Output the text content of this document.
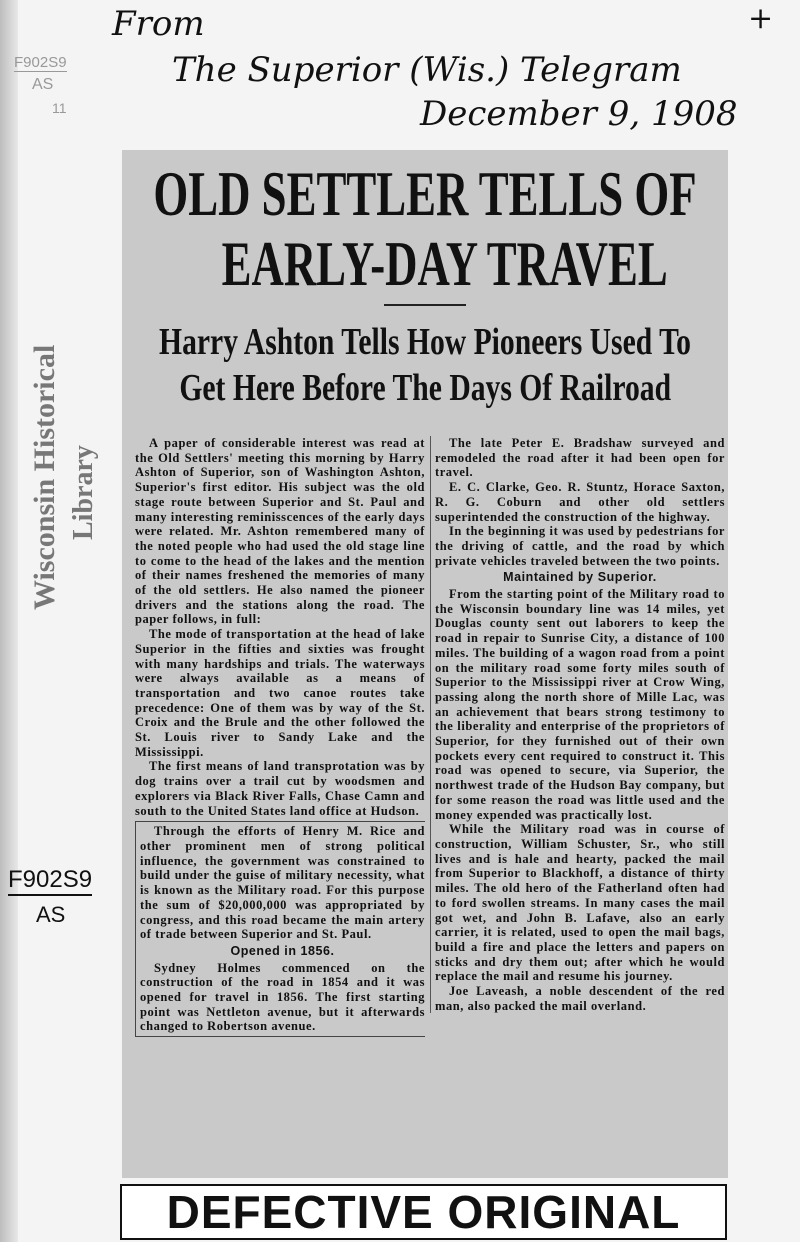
From
The Superior (Wis.) Telegram
December 9, 1908
+
F902S9
AS
11
Wisconsin Historical Library
F902S9
AS
OLD SETTLER TELLS OF
EARLY-DAY TRAVEL
Harry Ashton Tells How Pioneers Used To
Get Here Before The Days Of Railroad

A paper of considerable interest was read at the Old Settlers' meeting this morning by Harry Ashton of Superior, son of Washington Ashton, Superior's first editor. His subject was the old stage route between Superior and St. Paul and many interesting reminisscences of the early days were related. Mr. Ashton remembered many of the noted people who had used the old stage line to come to the head of the lakes and the mention of their names freshened the memories of many of the old settlers. He also named the pioneer drivers and the stations along the road. The paper follows, in full:

The mode of transportation at the head of lake Superior in the fifties and sixties was frought with many hardships and trials. The waterways were always available as a means of transportation and two canoe routes take precedence: One of them was by way of the St. Croix and the Brule and the other followed the St. Louis river to Sandy Lake and the Mississippi.

The first means of land transprotation was by dog trains over a trail cut by woodsmen and explorers via Black River Falls, Chase Camn and south to the United States land office at Hudson.

Through the efforts of Henry M. Rice and other prominent men of strong political influence, the government was constrained to build under the guise of military necessity, what is known as the Military road. For this purpose the sum of $20,000,000 was appropriated by congress, and this road became the main artery of trade between Superior and St. Paul.

Opened in 1856.

Sydney Holmes commenced on the construction of the road in 1854 and it was opened for travel in 1856. The first starting point was Nettleton avenue, but it afterwards changed to Robertson avenue.

The late Peter E. Bradshaw surveyed and remodeled the road after it had been open for travel.

E. C. Clarke, Geo. R. Stuntz, Horace Saxton, R. G. Coburn and other old settlers superintended the construction of the highway.

In the beginning it was used by pedestrians for the driving of cattle, and the road by which private vehicles traveled between the two points.

Maintained by Superior.

From the starting point of the Military road to the Wisconsin boundary line was 14 miles, yet Douglas county sent out laborers to keep the road in repair to Sunrise City, a distance of 100 miles. The building of a wagon road from a point on the military road some forty miles south of Superior to the Mississippi river at Crow Wing, passing along the north shore of Mille Lac, was an achievement that bears strong testimony to the liberality and enterprise of the proprietors of Superior, for they furnished out of their own pockets every cent required to construct it. This road was opened to secure, via Superior, the northwest trade of the Hudson Bay company, but for some reason the road was little used and the money expended was practically lost.

While the Military road was in course of construction, William Schuster, Sr., who still lives and is hale and hearty, packed the mail from Superior to Blackhoff, a distance of thirty miles. The old hero of the Fatherland often had to ford swollen streams. In many cases the mail got wet, and John B. Lafave, also an early carrier, it is related, used to open the mail bags, build a fire and place the letters and papers on sticks and dry them out; after which he would replace the mail and resume his journey.

Joe Laveash, a noble descendent of the red man, also packed the mail overland.

DEFECTIVE ORIGINAL
